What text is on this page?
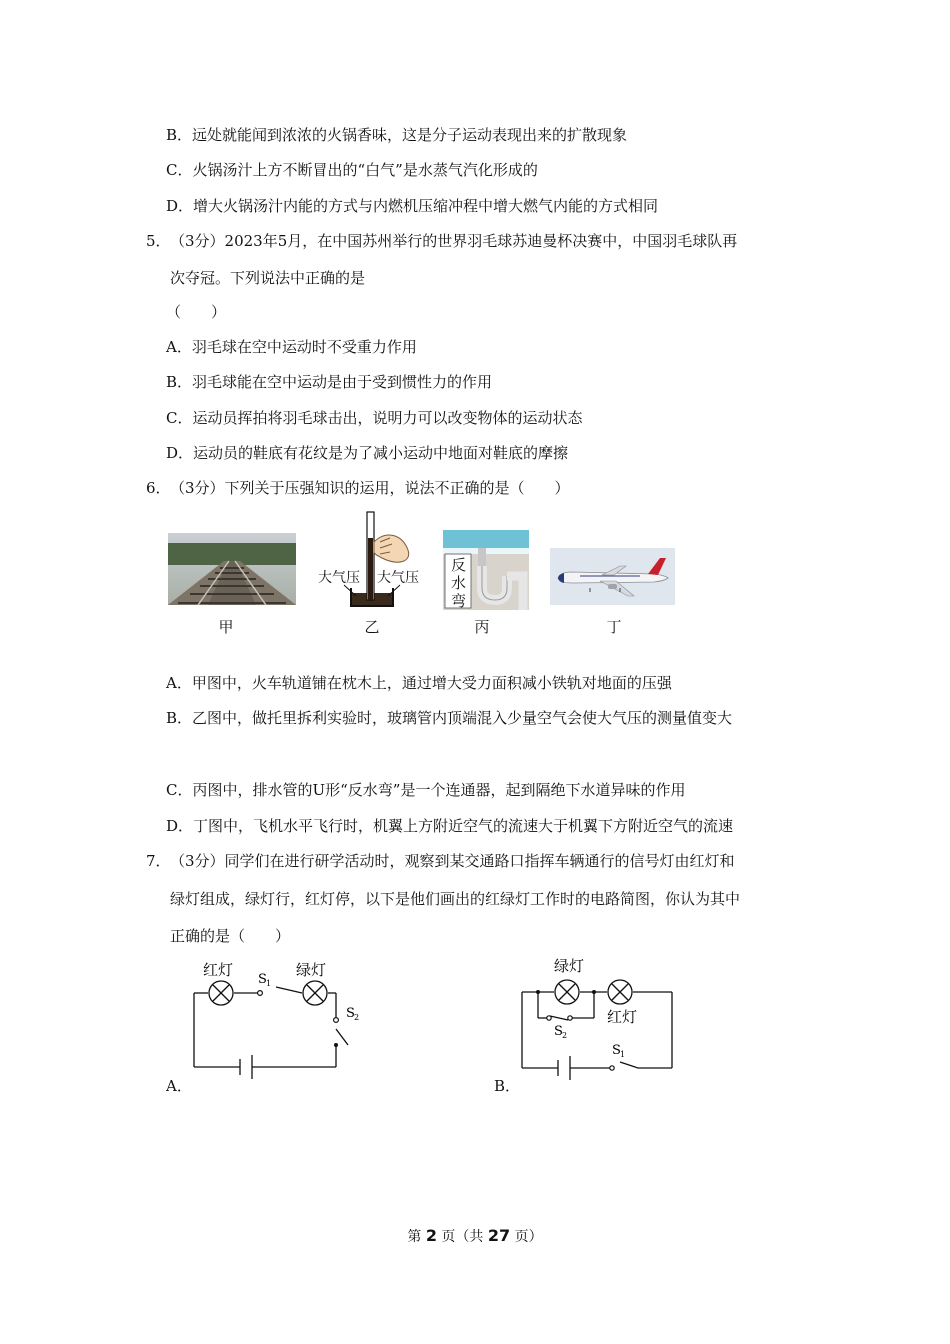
B．远处就能闻到浓浓的火锅香味，这是分子运动表现出来的扩散现象
C．火锅汤汁上方不断冒出的“白气”是水蒸气汽化形成的
D．增大火锅汤汁内能的方式与内燃机压缩冲程中增大燃气内能的方式相同
5． （3分）2023年5月，在中国苏州举行的世界羽毛球苏迪曼杯决赛中，中国羽毛球队再
次夺冠。下列说法中正确的是
（　　）
A．羽毛球在空中运动时不受重力作用
B．羽毛球能在空中运动是由于受到惯性力的作用
C．运动员挥拍将羽毛球击出，说明力可以改变物体的运动状态
D．运动员的鞋底有花纹是为了减小运动中地面对鞋底的摩擦
6． （3分）下列关于压强知识的运用，说法不正确的是（　　）
甲
大气压 大气压
乙
反
水
弯
丙	丁
A．甲图中，火车轨道铺在枕木上，通过增大受力面积减小铁轨对地面的压强
B．乙图中，做托里拆利实验时，玻璃管内顶端混入少量空气会使大气压的测量值变大
C．丙图中，排水管的U形“反水弯”是一个连通器，起到隔绝下水道异味的作用
D．丁图中，飞机水平飞行时，机翼上方附近空气的流速大于机翼下方附近空气的流速
7． （3分）同学们在进行研学活动时，观察到某交通路口指挥车辆通行的信号灯由红灯和
绿灯组成，绿灯行，红灯停，以下是他们画出的红绿灯工作时的电路简图，你认为其中
正确的是（　　）
红灯	绿灯
S 1
S 2
A．
绿灯
红灯
S 2
S 1
B．
第 2 页（共 27 页）
